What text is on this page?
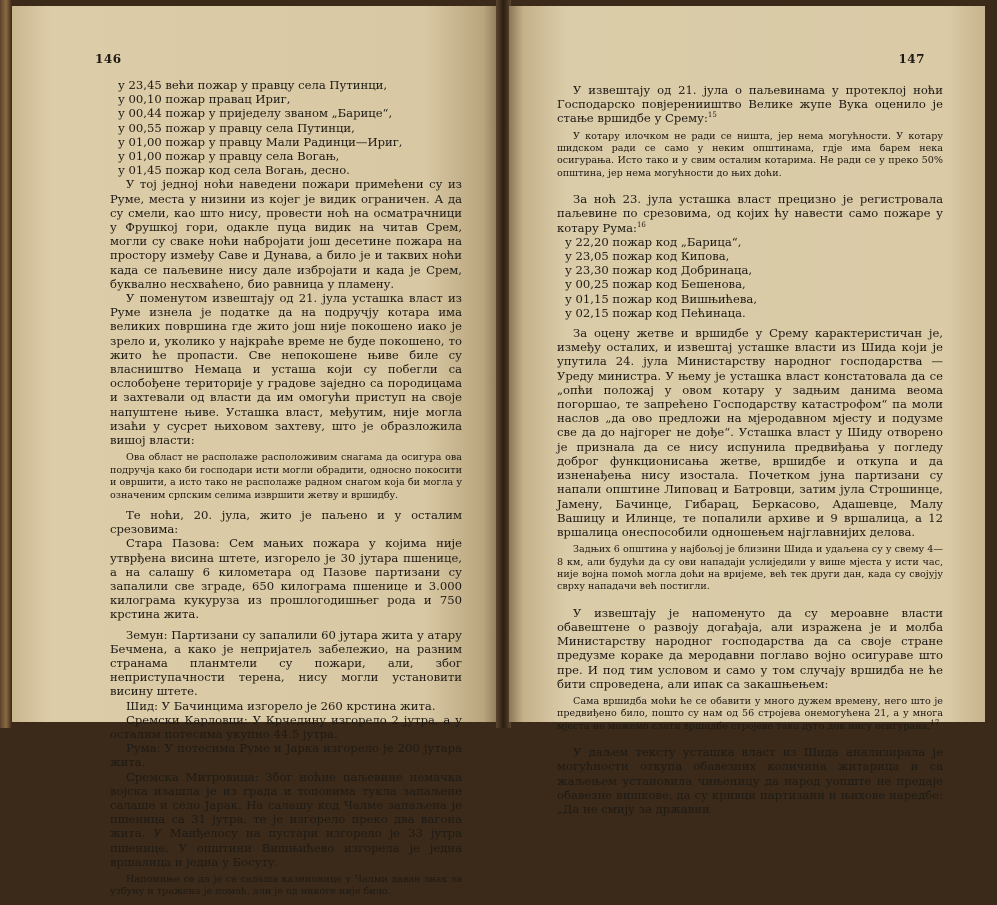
146
у 23,45 већи пожар у правцу села Путинци,
у 00,10 пожар правац Ириг,
у 00,44 пожар у приједелу званом „Барице“,
у 00,55 пожар у правцу села Путинци,
у 01,00 пожар у правцу Мали Радинци—Ириг,
у 01,00 пожар у правцу села Вогањ,
у 01,45 пожар код села Вогањ, десно.

У тој једној ноћи наведени пожари примећени су из Руме, места у низини из којег је видик ограничен. А да су смели, као што нису, провести ноћ на осматрачници у Фрушкој гори, одакле пуца видик на читав Срем, могли су сваке ноћи набројати још десетине пожара на простору између Саве и Дунава, а било је и таквих ноћи када се паљевине нису дале избројати и када је Срем, буквално несхваћено, био равница у пламену.

У поменутом извештају од 21. јула усташка власт из Руме изнела је податке да на подручју котара има великих површина где жито још није покошено иако је зрело и, уколико у најкраће време не буде покошено, то жито ће пропасти. Све непокошене њиве биле су власништво Немаца и усташа који су побегли са ослобођене територије у градове заједно са породицама и захтевали од власти да им омогући приступ на своје напуштене њиве. Усташка власт, међутим, није могла изаћи у сусрет њиховом захтеву, што је образложила вишој власти:

Ова област не располаже расположивим снагама да осигура ова подручја како би господари исти могли обрадити, односно покосити и овршити, а исто тако не располаже радном снагом која би могла у означеним српским селима извршити жетву и вршидбу.

Те ноћи, 20. јула, жито је паљено и у осталим срезовима:

Стара Пазова: Сем мањих пожара у којима није утврђена висина штете, изгорело је 30 јутара пшенице, а на салашу 6 километара од Пазове партизани су запалили све зграде, 650 килограма пшенице и 3.000 килограма кукуруза из прошлогодишњег рода и 750 крстина жита.

Земун: Партизани су запалили 60 јутара жита у атару Бечмена, а како је непријатељ забележио, на разним странама планмтели су пожари, али, због неприступачности терена, нису могли установити висину штете.

Шид: У Бачинцима изгорело је 260 крстина жита.

Сремски Карловци: У Крчедину изгорело 2 јутра, а у осталим потесима укупно 44.5 јутра.

Рума: У потесима Руме и Јарка изгорело је 200 јутара жита.

Сремска Митровица: Због ноћне паљевине немачка војска изашла је из града и топовима тукла запаљене салаше и село Јарак. На салашу код Чалме запаљена је пшеница са 31 јутра, те је изгорело преко два вагона жита. У Манђелосу на пустари изгорело је 33 јутра пшенице. У општини Вишњићево изгорела је једна вршалица и једна у Босуту.

Напомиње се да је са салаша казнионице у Чалми даван знак за узбуну и тражена је помоћ, али је од никоге није било.

147

У извештају од 21. јула о паљевинама у протеклој ноћи Господарско повјеренииштво Велике жупе Вука оценило је стање вршидбе у Срему:$^{15}$

У котару илочком не ради се ништа, јер нема могућности. У котару шидском ради се само у неким општинама, гдје има барем нека осигурања. Исто тако и у свим осталим котарима. Не ради се у преко 50% општина, јер нема могућности до њих доћи.

За ноћ 23. јула усташка власт прецизно је регистровала паљевине по срезовима, од којих ћу навести само пожаре у котару Рума:$^{16}$

у 22,20 пожар код „Барица“,
у 23,05 пожар код Кипова,
у 23,30 пожар код Добринаца,
у 00,25 пожар код Бешенова,
у 01,15 пожар код Вишњићева,
у 02,15 пожар код Пећинаца.

За оцену жетве и вршидбе у Срему карактеристичан је, између осталих, и извештај усташке власти из Шида који је упутила 24. јула Министарству народног господарства — Уреду министра. У њему је усташка власт констатовала да се „опћи положај у овом котару у задњим данима веома погоршао, те запрећено Господарству катастрофом“ па моли наслов „да ово предложи на мјеродавном мјесту и подузме све да до најгорег не дође“. Усташка власт у Шиду отворено је признала да се нису испунила предвиђања у погледу доброг функционисања жетве, вршидбе и откупа и да изненађења нису изостала. Почетком јуна партизани су напали општине Липовац и Батровци, затим јула Строшинце, Јамену, Бачинце, Гибарац, Беркасово, Адашевце, Малу Вашицу и Илинце, те попалили архиве и 9 вршалица, а 12 вршалица онеспособили одношењем најглавнијих делова.

Задњих 6 општина у најбољој је близини Шида и удаљена су у свему 4—8 км, али будући да су ови нападаји услиједили у више мјеста у исти час, није војна помоћ могла доћи на вријеме, већ тек други дан, када су својују сврху нападачи већ постигли.

У извештају је напоменуто да су мероавне власти обавештене о развоју догађаја, али изражена је и молба Министарству народног господарства да са своје стране предузме кораке да меродавни поглаво војно осигураве што пре. И под тим условом и само у том случају вршидба не ће бити спроведена, али ипак са закашњењем:

Сама вршидба моћи ће се обавити у много дужем времену, него што је предвиђено било, пошто су нам од 56 стројева онемогућена 21, а у многа мјеста не можемо слати вршидбе стројеве тако дуго док нису осигурана.$^{17}$

У даљем тексту усташка власт из Шида анализирала је могућности откупа обавезних количина житарица и са жаљењем установила чињеницу да народ уопште не предаје обавезне вишкове, да су кривци партизани и њихове наредбе: „Да не смију за државни
